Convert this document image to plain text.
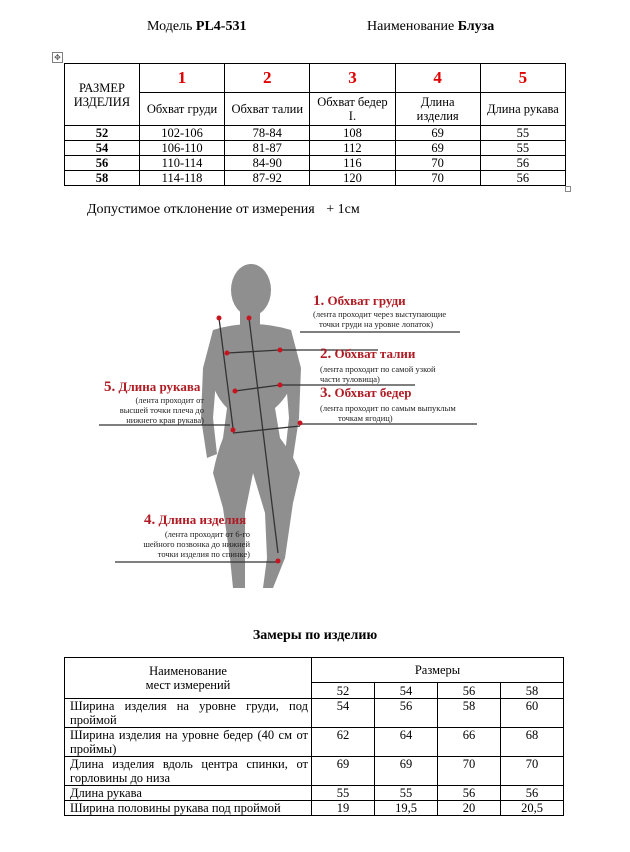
Модель PL4-531	Наименование Блуза
✥
РАЗМЕР
ИЗДЕЛИЯ	1	2	3	4	5
	Обхват груди	Обхват талии	Обхват бедер I.	Длина изделия	Длина рукава
52	102-106	78-84	108	69	55
54	106-110	81-87	112	69	55
56	110-114	84-90	116	70	56
58	114-118	87-92	120	70	56
Допустимое отклонение от измерения + 1см
1. Обхват груди
(лента проходит через выступающие
точки груди на уровне лопаток)
2. Обхват талии
(лента проходит по самой узкой
части туловища)
3. Обхват бедер
(лента проходит по самым выпуклым
точкам ягодиц)
5. Длина рукава
(лента проходит от
высшей точки плеча до
нижнего края рукава)
4. Длина изделия
(лента проходит от 6-го
шейного позвонка до нижней
точки изделия по спинке)
Замеры по изделию
Наименование
мест измерений	Размеры			
	52	54	56	58
Ширина изделия на уровне груди, под проймой	54	56	58	60
Ширина изделия на уровне бедер (40 см от проймы)	62	64	66	68
Длина изделия вдоль центра спинки, от горловины до низа	69	69	70	70
Длина рукава	55	55	56	56
Ширина половины рукава под проймой	19	19,5	20	20,5
